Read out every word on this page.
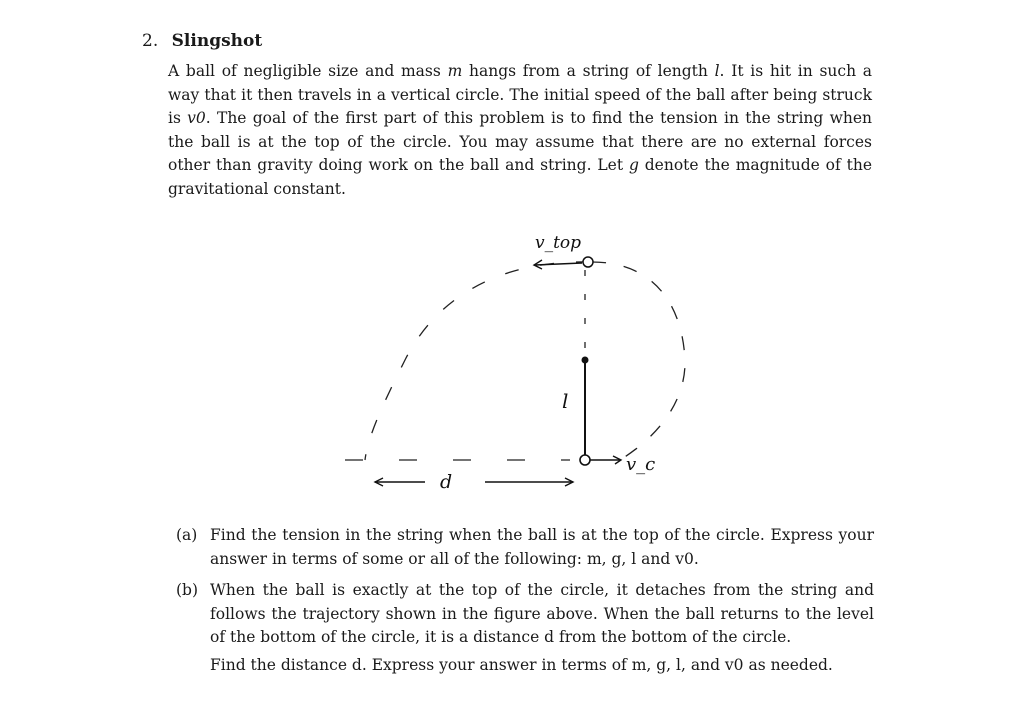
2. Slingshot
A ball of negligible size and mass m hangs from a string of length l. It is hit in such a way that it then travels in a vertical circle. The initial speed of the ball after being struck is v0. The goal of the first part of this problem is to find the tension in the string when the ball is at the top of the circle. You may assume that there are no external forces other than gravity doing work on the ball and string. Let g denote the magnitude of the gravitational constant.
v_top
l
d
v_c
(a) Find the tension in the string when the ball is at the top of the circle. Express your answer in terms of some or all of the following: m, g, l and v0.
(b) When the ball is exactly at the top of the circle, it detaches from the string and follows the trajectory shown in the figure above. When the ball returns to the level of the bottom of the circle, it is a distance d from the bottom of the circle.
Find the distance d. Express your answer in terms of m, g, l, and v0 as needed.
